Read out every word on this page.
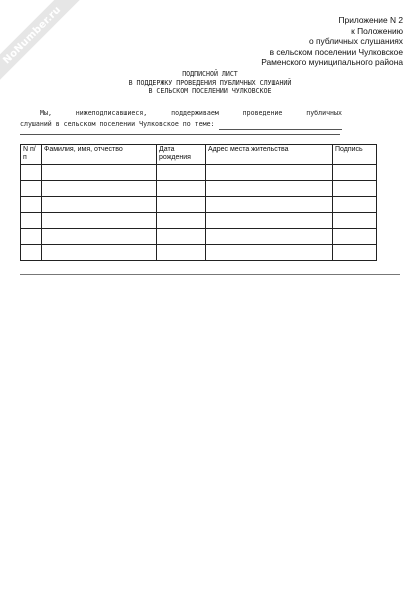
NoNumber.ru	Приложение N 2
к Положению
о публичных слушаниях
в сельском поселении Чулковское
Раменского муниципального района
ПОДПИСНОЙ ЛИСТ
В ПОДДЕРЖКУ ПРОВЕДЕНИЯ ПУБЛИЧНЫХ СЛУШАНИЙ
В СЕЛЬСКОМ ПОСЕЛЕНИИ ЧУЛКОВСКОЕ
Мы,	нижеподписавшиеся,	поддерживаем	проведение	публичных
слушаний в сельском поселении Чулковское по теме:
N п/п	Фамилия, имя, отчество	Дата рождения	Адрес места жительства	Подпись
